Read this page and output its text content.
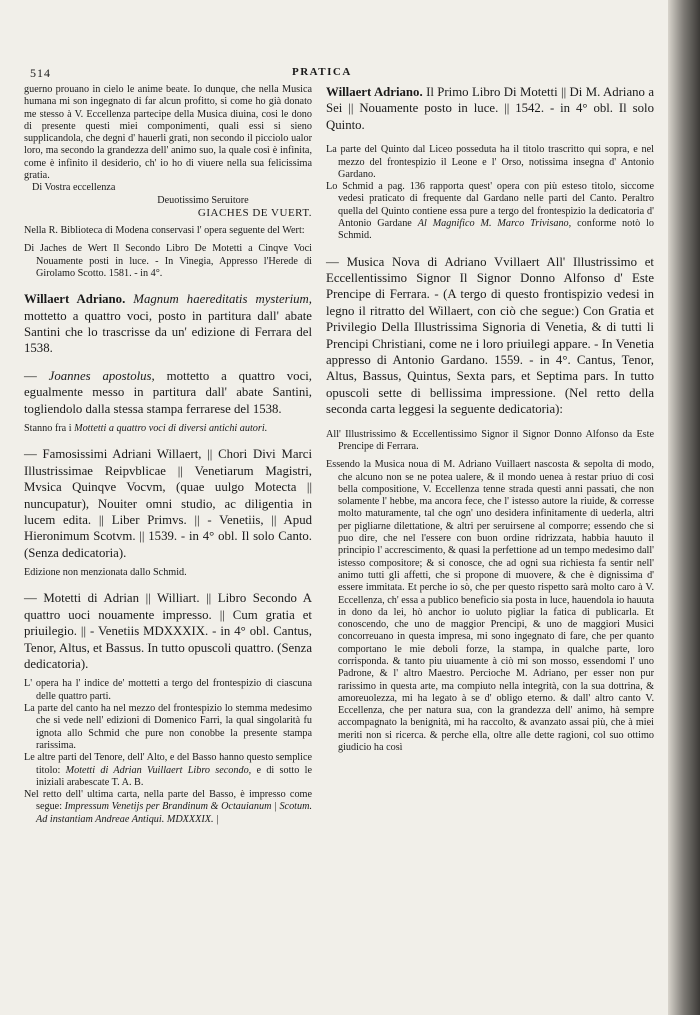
514	PRATICA

guerno prouano in cielo le anime beate. Io dunque, che nella Musica humana mi son ingegnato di far alcun profitto, si come ho già donato me stesso à V. Eccellenza partecipe della Musica diuina, cosi le dono di presente questi miei componimenti, quali essi si sieno supplicandola, che degni d' hauerli grati, non secondo il picciolo ualor loro, ma secondo la grandezza dell' animo suo, la quale così è infinita, come è infinito il desiderio, ch' io ho di viuere nella sua felicissima gratia.

Di Vostra eccellenza

Deuotissimo Seruitore

GIACHES DE VUERT.

Nella R. Biblioteca di Modena conservasi l' opera seguente del Wert:

Di Jaches de Wert Il Secondo Libro De Motetti a Cinqve Voci Nouamente posti in luce. - In Vinegia, Appresso l'Herede di Girolamo Scotto. 1581. - in 4°.

Willaert Adriano. Magnum haereditatis mysterium, mottetto a quattro voci, posto in partitura dall' abate Santini che lo trascrisse da un' edizione di Ferrara del 1538.

— Joannes apostolus, mottetto a quattro voci, egualmente messo in partitura dall' abate Santini, togliendolo dalla stessa stampa ferrarese del 1538.

Stanno fra i Mottetti a quattro voci di diversi antichi autori.

— Famosissimi Adriani Willaert, || Chori Divi Marci Illustrissimae Reipvblicae || Venetiarum Magistri, Mvsica Quinqve Vocvm, (quae uulgo Motecta || nuncupatur), Nouiter omni studio, ac diligentia in lucem edita. || Liber Primvs. || - Venetiis, || Apud Hieronimum Scotvm. || 1539. - in 4° obl. Il solo Canto. (Senza dedicatoria).

Edizione non menzionata dallo Schmid.

— Motetti di Adrian || Williart. || Libro Secondo A quattro uoci nouamente impresso. || Cum gratia et priuilegio. || - Venetiis MDXXXIX. - in 4° obl. Cantus, Tenor, Altus, et Bassus. In tutto opuscoli quattro. (Senza dedicatoria).

L' opera ha l' indice de' mottetti a tergo del frontespizio di ciascuna delle quattro parti.

La parte del canto ha nel mezzo del frontespizio lo stemma medesimo che si vede nell' edizioni di Domenico Farri, la qual singolarità fu ignota allo Schmid che pure non conobbe la presente stampa rarissima.

Le altre parti del Tenore, dell' Alto, e del Basso hanno questo semplice titolo: Motetti di Adrian Vuillaert Libro secondo, e di sotto le iniziali arabescate T. A. B.

Nel retto dell' ultima carta, nella parte del Basso, è impresso come segue: Impressum Venetijs per Brandinum & Octauianum | Scotum. Ad instantiam Andreae Antiqui. MDXXXIX. |

Willaert Adriano. Il Primo Libro Di Motetti || Di M. Adriano a Sei || Nouamente posto in luce. || 1542. - in 4° obl. Il solo Quinto.

La parte del Quinto dal Liceo posseduta ha il titolo trascritto qui sopra, e nel mezzo del frontespizio il Leone e l' Orso, notissima insegna d' Antonio Gardano.

Lo Schmid a pag. 136 rapporta quest' opera con più esteso titolo, siccome vedesi praticato di frequente dal Gardano nelle parti del Canto. Peraltro quella del Quinto contiene essa pure a tergo del frontespizio la dedicatoria d' Antonio Gardane Al Magnifico M. Marco Trivisano, conforme notò lo Schmid.

— Musica Nova di Adriano Vvillaert All' Illustrissimo et Eccellentissimo Signor Il Signor Donno Alfonso d' Este Prencipe di Ferrara. - (A tergo di questo frontispizio vedesi in legno il ritratto del Willaert, con ciò che segue:) Con Gratia et Privilegio Della Illustrissima Signoria di Venetia, & di tutti li Prencipi Christiani, come ne i loro priuilegi appare. - In Venetia appresso di Antonio Gardano. 1559. - in 4°. Cantus, Tenor, Altus, Bassus, Quintus, Sexta pars, et Septima pars. In tutto opuscoli sette di bellissima impressione. (Nel retto della seconda carta leggesi la seguente dedicatoria):

All' Illustrissimo & Eccellentissimo Signor il Signor Donno Alfonso da Este Prencipe di Ferrara.

Essendo la Musica noua di M. Adriano Vuillaert nascosta & sepolta di modo, che alcuno non se ne potea ualere, & il mondo uenea à restar priuo di così bella compositione, V. Eccellenza tenne strada questi anni passati, che non solamente l' hebbe, ma ancora fece, che l' istesso autore la riuide, & corresse molto maturamente, tal che ogn' uno desidera infinitamente di uederla, altri per pigliarne dilettatione, & altri per seruirsene al comporre; essendo che si puo dire, che nel l'essere con buon ordine ridrizzata, habbia hauuto il principio l' accrescimento, & quasi la perfettione ad un tempo medesimo dall' istesso compositore; & si conosce, che ad ogni sua richiesta fa sentir nell' animo tutti gli affetti, che si propone di muovere, & che è dignissima d' essere immitata. Et perche io sò, che per questo rispetto sarà molto caro à V. Eccellenza, ch' essa a publico beneficio sia posta in luce, hauendola io hauuta in dono da lei, hò anchor io uoluto pigliar la fatica di publicarla. Et conoscendo, che uno de maggior Prencipi, & uno de maggiori Musici concorreuano in questa impresa, mi sono ingegnato di fare, che per quanto comportano le mie deboli forze, la stampa, in qualche parte, loro corrisponda. & tanto piu uiuamente à ciò mi son mosso, essendomi l' uno Padrone, & l' altro Maestro. Percioche M. Adriano, per esser non pur rarissimo in questa arte, ma compiuto nella integrità, con la sua dottrina, & amoreuolezza, mi ha legato à se d' obligo eterno. & dall' altro canto V. Eccellenza, che per natura sua, con la grandezza dell' animo, hà sempre accompagnato la benignità, mi ha raccolto, & avanzato assai più, che à miei meriti non si ricerca. & perche ella, oltre alle dette ragioni, col suo ottimo giudicio ha così
